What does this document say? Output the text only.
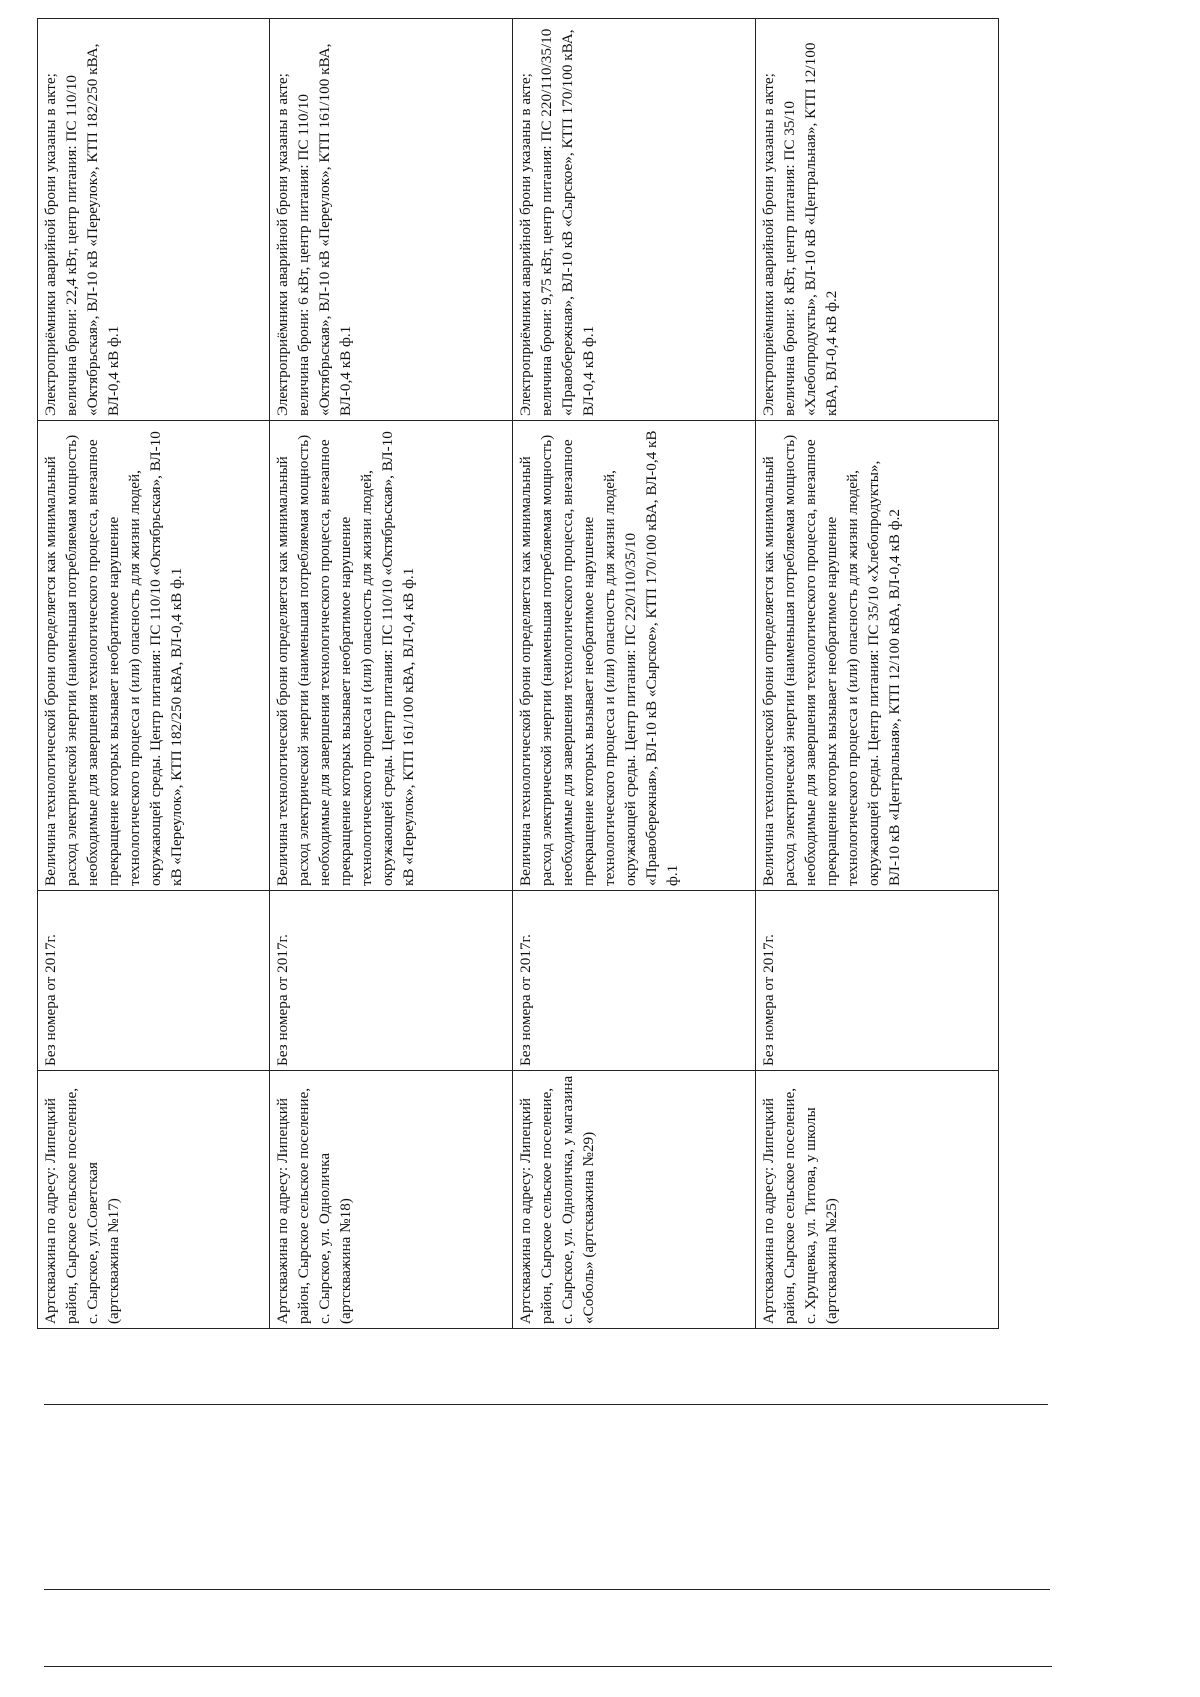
Артскважина по адресу: Липецкий район, Сырское сельское поселение, с. Сырское, ул.Советская (артскважина №17)	Без номера от 2017г.	Величина технологической брони определяется как минимальный расход электрической энергии (наименьшая потребляемая мощность) необходимые для завершения технологического процесса, внезапное прекращение которых вызывает необратимое нарушение технологического процесса и (или) опасность для жизни людей, окружающей среды. Центр питания: ПС 110/10 «Октябрьская», ВЛ-10 кВ «Переулок», КТП 182/250 кВА, ВЛ-0,4 кВ ф.1	Электроприёмники аварийной брони указаны в акте; величина брони: 22,4 кВт, центр питания: ПС 110/10 «Октябрьская», ВЛ-10 кВ «Переулок», КТП 182/250 кВА, ВЛ-0,4 кВ ф.1
Артскважина по адресу: Липецкий район, Сырское сельское поселение, с. Сырское, ул. Одноличка (артскважина №18)	Без номера от 2017г.	Величина технологической брони определяется как минимальный расход электрической энергии (наименьшая потребляемая мощность) необходимые для завершения технологического процесса, внезапное прекращение которых вызывает необратимое нарушение технологического процесса и (или) опасность для жизни людей, окружающей среды. Центр питания: ПС 110/10 «Октябрьская», ВЛ-10 кВ «Переулок», КТП 161/100 кВА, ВЛ-0,4 кВ ф.1	Электроприёмники аварийной брони указаны в акте; величина брони: 6 кВт, центр питания: ПС 110/10 «Октябрьская», ВЛ-10 кВ «Переулок», КТП 161/100 кВА, ВЛ-0,4 кВ ф.1
Артскважина по адресу: Липецкий район, Сырское сельское поселение, с. Сырское, ул. Одноличка, у магазина «Соболь» (артскважина №29)	Без номера от 2017г.	Величина технологической брони определяется как минимальный расход электрической энергии (наименьшая потребляемая мощность) необходимые для завершения технологического процесса, внезапное прекращение которых вызывает необратимое нарушение технологического процесса и (или) опасность для жизни людей, окружающей среды. Центр питания: ПС 220/110/35/10 «Правобережная», ВЛ-10 кВ «Сырское», КТП 170/100 кВА, ВЛ-0,4 кВ ф.1	Электроприёмники аварийной брони указаны в акте; величина брони: 9,75 кВт, центр питания: ПС 220/110/35/10 «Правобережная», ВЛ-10 кВ «Сырское», КТП 170/100 кВА, ВЛ-0,4 кВ ф.1
Артскважина по адресу: Липецкий район, Сырское сельское поселение, с. Хрущевка, ул. Титова, у школы (артскважина №25)	Без номера от 2017г.	Величина технологической брони определяется как минимальный расход электрической энергии (наименьшая потребляемая мощность) необходимые для завершения технологического процесса, внезапное прекращение которых вызывает необратимое нарушение технологического процесса и (или) опасность для жизни людей, окружающей среды. Центр питания: ПС 35/10 «Хлебопродукты», ВЛ-10 кВ «Центральная», КТП 12/100 кВА, ВЛ-0,4 кВ ф.2	Электроприёмники аварийной брони указаны в акте; величина брони: 8 кВт, центр питания: ПС 35/10 «Хлебопродукты», ВЛ-10 кВ «Центральная», КТП 12/100 кВА, ВЛ-0,4 кВ ф.2
